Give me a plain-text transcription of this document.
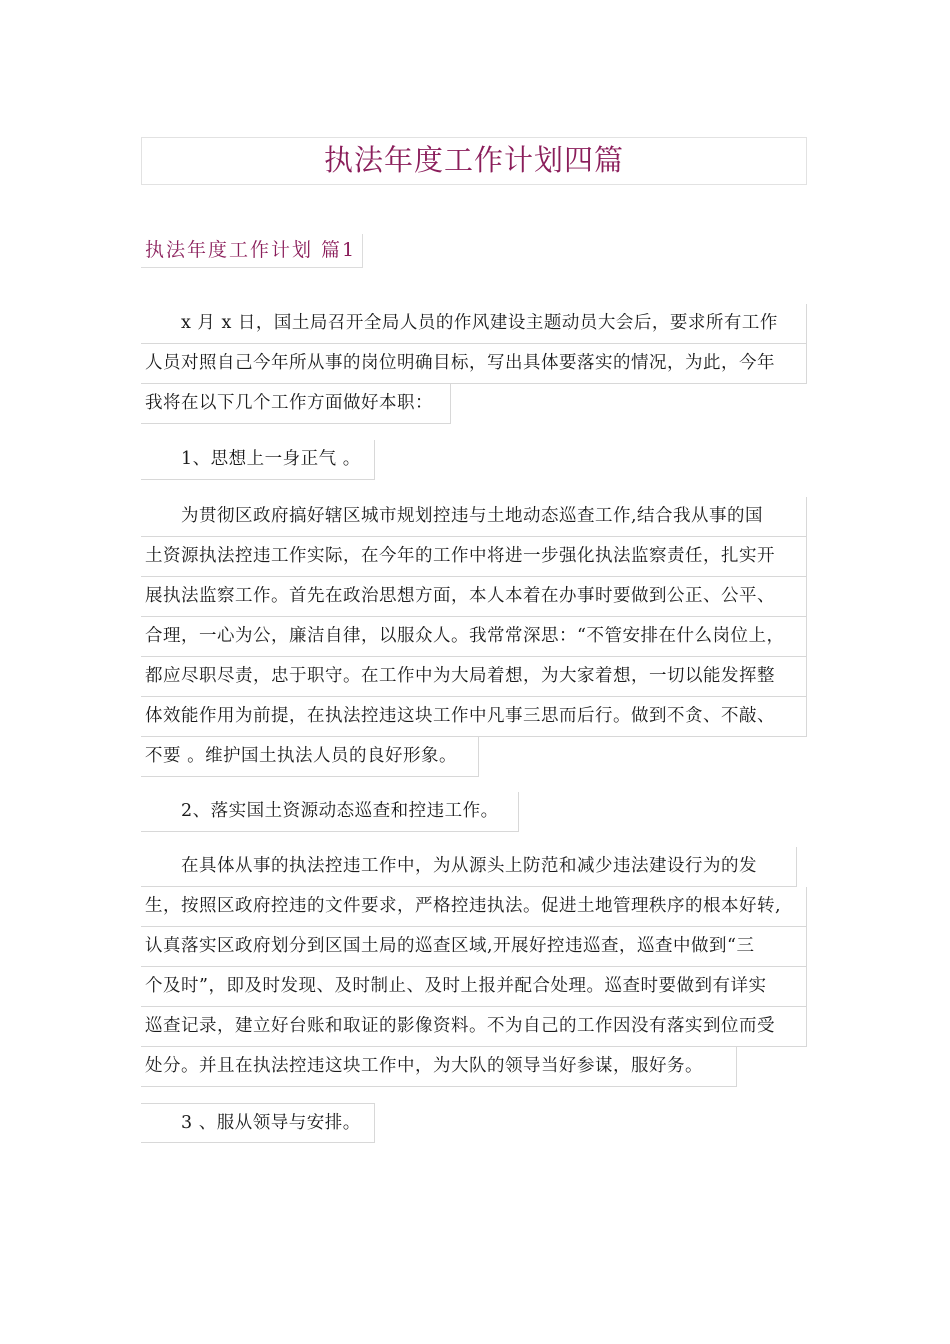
执法年度工作计划四篇
执法年度工作计划 篇1
x 月 x 日，国土局召开全局人员的作风建设主题动员大会后，要求所有工作
人员对照自己今年所从事的岗位明确目标，写出具体要落实的情况，为此，今年
我将在以下几个工作方面做好本职：
1、思想上一身正气 。
为贯彻区政府搞好辖区城市规划控违与土地动态巡查工作,结合我从事的国
土资源执法控违工作实际，在今年的工作中将进一步强化执法监察责任，扎实开
展执法监察工作。首先在政治思想方面，本人本着在办事时要做到公正、公平、
合理，一心为公，廉洁自律，以服众人。我常常深思：“不管安排在什么岗位上，
都应尽职尽责，忠于职守。在工作中为大局着想，为大家着想，一切以能发挥整
体效能作用为前提，在执法控违这块工作中凡事三思而后行。做到不贪、不敲、
不要 。维护国土执法人员的良好形象。
2、落实国土资源动态巡查和控违工作。
在具体从事的执法控违工作中，为从源头上防范和减少违法建设行为的发
生，按照区政府控违的文件要求，严格控违执法。促进土地管理秩序的根本好转,
认真落实区政府划分到区国土局的巡查区域,开展好控违巡查，巡查中做到“三
个及时”，即及时发现、及时制止、及时上报并配合处理。巡查时要做到有详实
巡查记录，建立好台账和取证的影像资料。不为自己的工作因没有落实到位而受
处分。并且在执法控违这块工作中，为大队的领导当好参谋，服好务。
3 、服从领导与安排。
